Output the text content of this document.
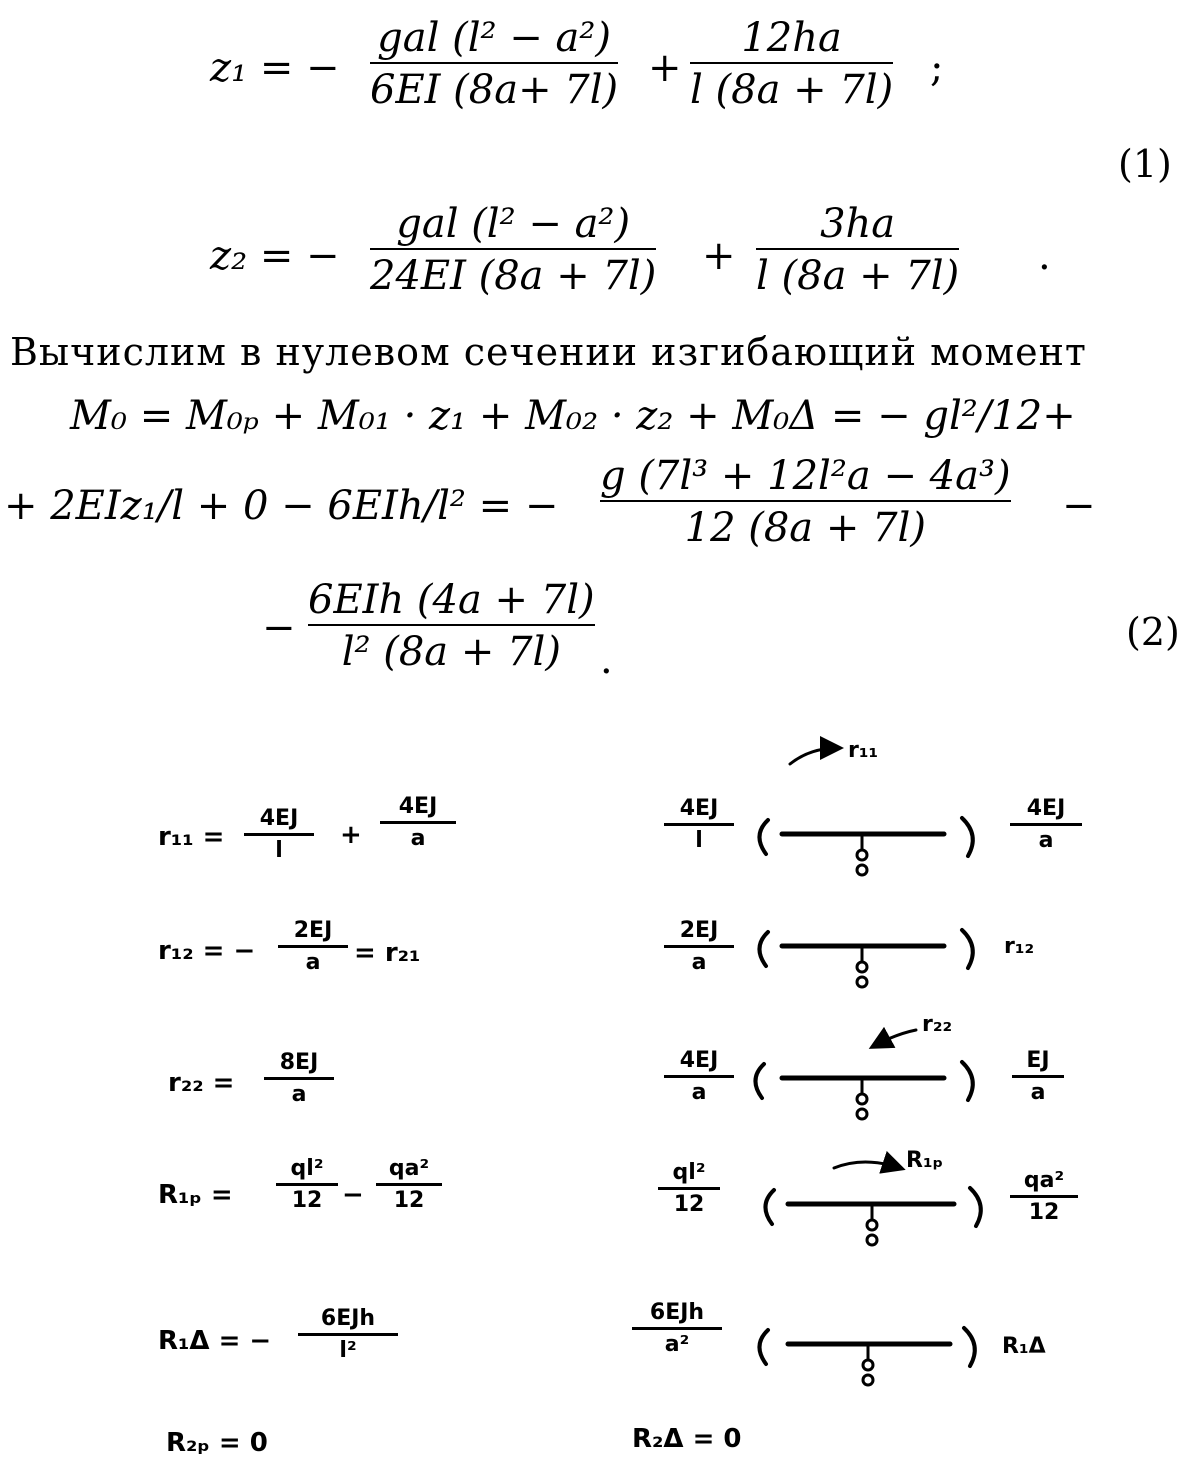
z₁ = −
gal (l² − a²)
6EI (8a+ 7l) +
12ha
l (8a + 7l) ;
(1)
z₂ = −
gal (l² − a²)
24EI (8a + 7l) +
3ha
l (8a + 7l) .
Вычислим в нулевом сечении изгибающий момент
M₀ = M₀ₚ + M₀₁ · z₁ + M₀₂ · z₂ + M₀Δ = − gl²/12+
+ 2EIz₁/l + 0 − 6EIh/l² = −
g (7l³ + 12l²a − 4a³)
12 (8a + 7l)	−
−
6EIh (4a + 7l)
l² (8a + 7l) ·
(2)
r₁₁ =
4EJ
l
+
4EJ
a
r₁₂ = −
2EJ
a	= r₂₁
r₂₂ =
8EJ
a
R₁ₚ =
ql²
12 −
qa²
12
R₁Δ = −
6EJh
l²
R₂ₚ = 0
4EJ
l
4EJ
a
r₁₁
2EJ
a
r₁₂
4EJ
a
EJ
a
r₂₂
ql²
12
qa²
12
R₁ₚ
6EJh
a²	R₁Δ
R₂Δ = 0
